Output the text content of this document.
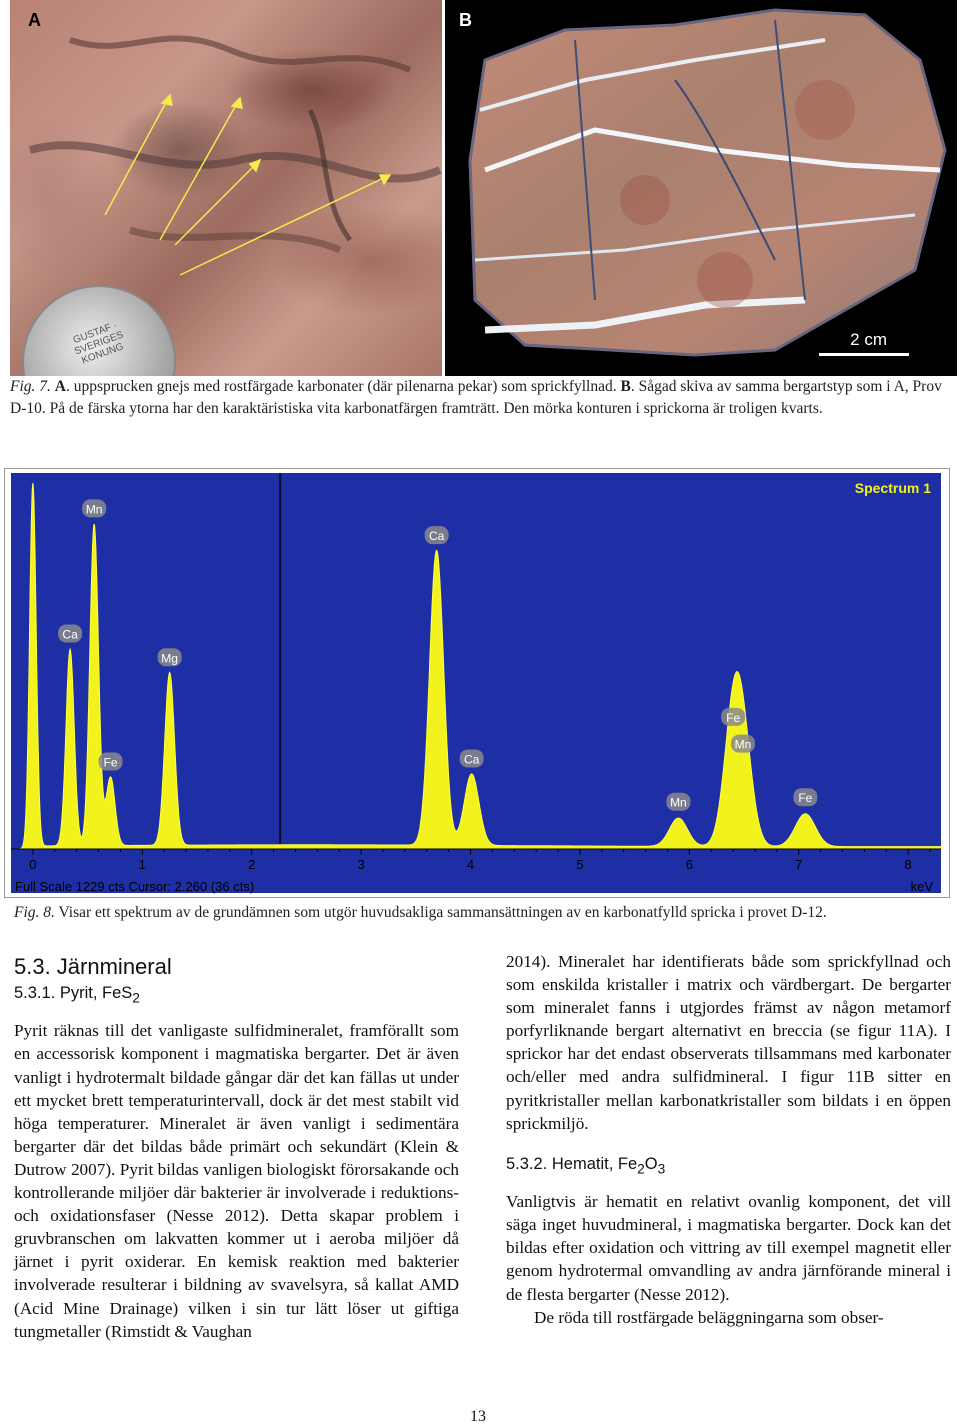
A
GUSTAF · SVERIGES KONUNG
B
2 cm
Fig. 7. A. uppsprucken gnejs med rostfärgade karbonater (där pilenarna pekar) som sprickfyllnad. B. Sågad skiva av samma bergartstyp som i A, Prov D-10. På de färska ytorna har den karaktäristiska vita karbonatfärgen framträtt. Den mörka konturen i sprickorna är troligen kvarts.
Mn
Ca
Mg
Fe
Ca
Ca
Mn
Fe
Mn
Fe
Spectrum 1
0	1	2	3	4	5	6	7	8
keV
Full Scale 1229 cts Cursor: 2.260 (36 cts)
Fig. 8. Visar ett spektrum av de grundämnen som utgör huvudsakliga sammansättningen av en karbonatfylld spricka i provet D-12.
5.3. Järnmineral
5.3.1. Pyrit, FeS$_2$

Pyrit räknas till det vanligaste sulfidmineralet, framförallt som en accessorisk komponent i magmatiska bergarter. Det är även vanligt i hydrotermalt bildade gångar där det kan fällas ut under ett mycket brett temperaturintervall, dock är det mest stabilt vid höga temperaturer. Mineralet är även vanligt i sedimentära bergarter där det bildas både primärt och sekundärt (Klein & Dutrow 2007). Pyrit bildas vanligen biologiskt förorsakande och kontrollerande miljöer där bakterier är involverade i reduktions- och oxidationsfaser (Nesse 2012). Detta skapar problem i gruvbranschen om lakvatten kommer ut i aeroba miljöer då järnet i pyrit oxiderar. En kemisk reaktion med bakterier involverade resulterar i bildning av svavelsyra, så kallat AMD (Acid Mine Drainage) vilken i sin tur lätt löser ut giftiga tungmetaller (Rimstidt & Vaughan

2014). Mineralet har identifierats både som sprickfyllnad och som enskilda kristaller i matrix och värdbergart. De bergarter som mineralet fanns i utgjordes främst av någon metamorf porfyrliknande bergart alternativt en breccia (se figur 11A). I sprickor har det endast observerats tillsammans med karbonater och/eller med andra sulfidmineral. I figur 11B sitter en pyritkristaller mellan karbonatkristaller som bildats i en öppen sprickmiljö.

5.3.2. Hematit, $Fe_2O_3$

Vanligtvis är hematit en relativt ovanlig komponent, det vill säga inget huvudmineral, i magmatiska bergarter. Dock kan det bildas efter oxidation och vittring av till exempel magnetit eller genom hydrotermal omvandling av andra järnförande mineral i de flesta bergarter (Nesse 2012).

De röda till rostfärgade beläggningarna som obser-

13
